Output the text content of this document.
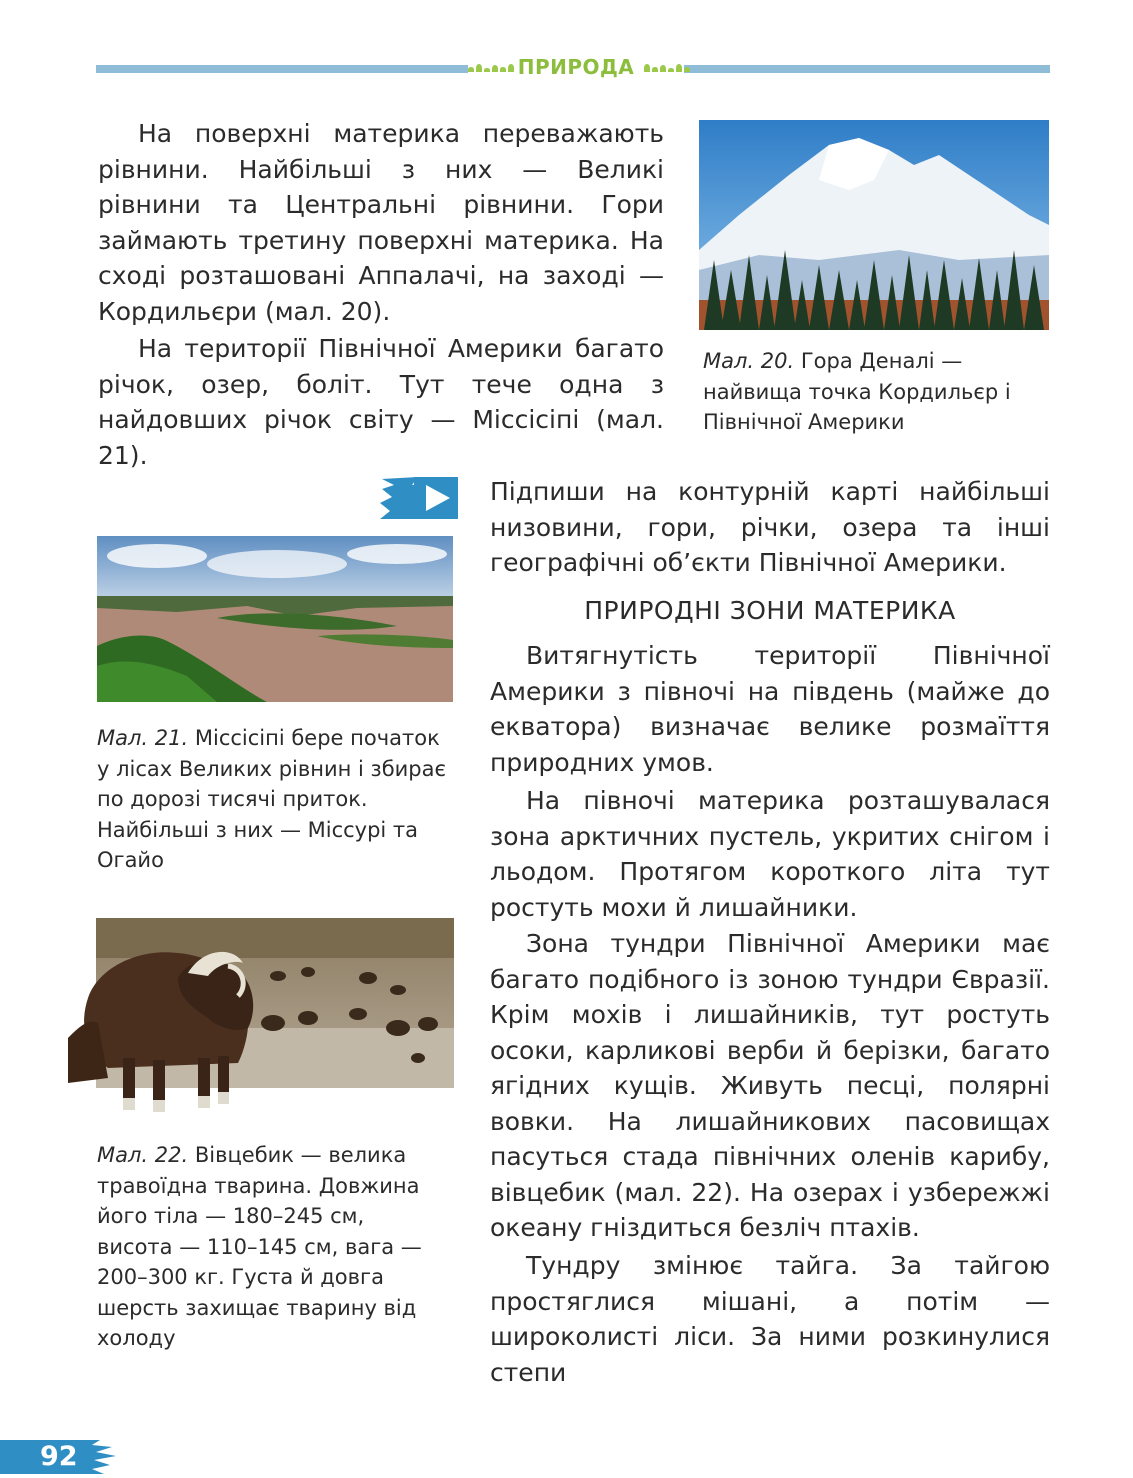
ПРИРОДА

На поверхні материка переважають рівнини. Найбільші з них — Великі рівнини та Центральні рівнини. Гори займають третину поверхні материка. На сході розташовані Аппалачі, на заході — Кордильєри (мал. 20).

На території Північної Америки багато річок, озер, боліт. Тут тече одна з найдовших річок світу — Міссісіпі (мал. 21).

Мал. 20. Гора Деналі — найвища точка Кордильєр і Північної Америки

Підпиши на контурній карті найбільші низовини, гори, річки, озера та інші географічні об’єкти Північної Америки.

Мал. 21. Міссісіпі бере початок у лісах Великих рівнин і збирає по дорозі тисячі приток. Найбільші з них — Міссурі та Огайо

Мал. 22. Вівцебик — велика травоїдна тварина. Довжина його тіла — 180–245 см, висота — 110–145 см, вага — 200–300 кг. Густа й довга шерсть захищає тварину від холоду

ПРИРОДНІ ЗОНИ МАТЕРИКА

Витягнутість території Північної Америки з півночі на південь (майже до екватора) визначає велике розмаїття природних умов.

На півночі материка розташувалася зона арктичних пустель, укритих снігом і льодом. Протягом короткого літа тут ростуть мохи й лишайники.

Зона тундри Північної Америки має багато подібного із зоною тундри Євразії. Крім мохів і лишайників, тут ростуть осоки, карликові верби й берізки, багато ягідних кущів. Живуть песці, полярні вовки. На лишайникових пасовищах пасуться стада північних оленів карибу, вівцебик (мал. 22). На озерах і узбережжі океану гніздиться безліч птахів.

Тундру змінює тайга. За тайгою простяглися мішані, а потім — широколисті ліси. За ними розкинулися степи

92
